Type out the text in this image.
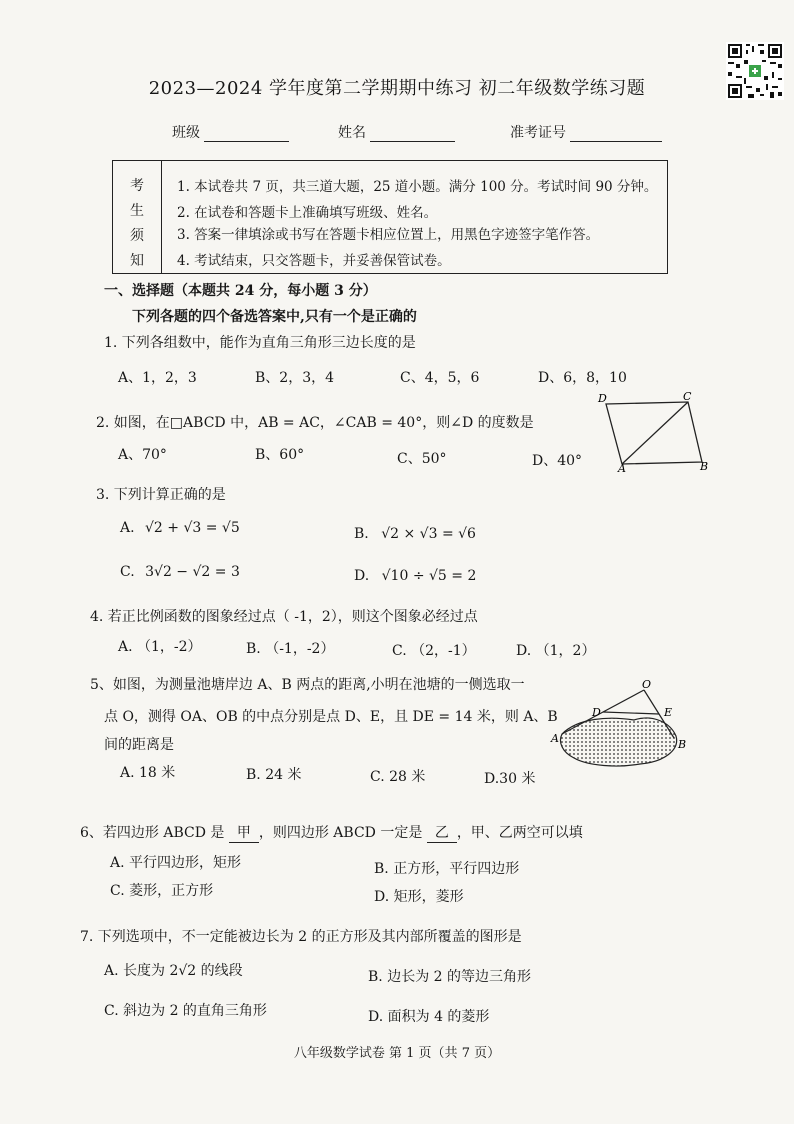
2023—2024 学年度第二学期期中练习 初二年级数学练习题
班级	姓名	准考证号
考
生
须
知
1. 本试卷共 7 页，共三道大题，25 道小题。满分 100 分。考试时间 90 分钟。
2. 在试卷和答题卡上准确填写班级、姓名。
3. 答案一律填涂或书写在答题卡相应位置上，用黑色字迹签字笔作答。
4. 考试结束，只交答题卡，并妥善保管试卷。
一、选择题（本题共 24 分，每小题 3 分）
下列各题的四个备选答案中,只有一个是正确的
1. 下列各组数中，能作为直角三角形三边长度的是
A、1，2，3	B、2，3，4	C、4，5，6	D、6，8，10
2. 如图，在□ABCD 中，AB = AC，∠CAB = 40°，则∠D 的度数是
A、70°	B、60°	C、50°	D、40°
D	C
A	B
3. 下列计算正确的是
A. √2 + √3 = √5	B. √2 × √3 = √6
C. 3√2 − √2 = 3	D. √10 ÷ √5 = 2
4. 若正比例函数的图象经过点（ -1，2），则这个图象必经过点
A. （1，-2）	B. （-1，-2）	C. （2，-1）	D. （1，2）
5、如图，为测量池塘岸边 A、B 两点的距离,小明在池塘的一侧选取一
点 O，测得 OA、OB 的中点分别是点 D、E，且 DE = 14 米，则 A、B
间的距离是
A. 18 米	B. 24 米	C. 28 米	D.30 米
O
D	E
A	B
6、若四边形 ABCD 是 甲 ，则四边形 ABCD 一定是 乙 ，甲、乙两空可以填
A. 平行四边形，矩形	B. 正方形，平行四边形
C. 菱形，正方形	D. 矩形，菱形
7. 下列选项中，不一定能被边长为 2 的正方形及其内部所覆盖的图形是
A. 长度为 2√2 的线段	B. 边长为 2 的等边三角形
C. 斜边为 2 的直角三角形	D. 面积为 4 的菱形
八年级数学试卷 第 1 页（共 7 页）
